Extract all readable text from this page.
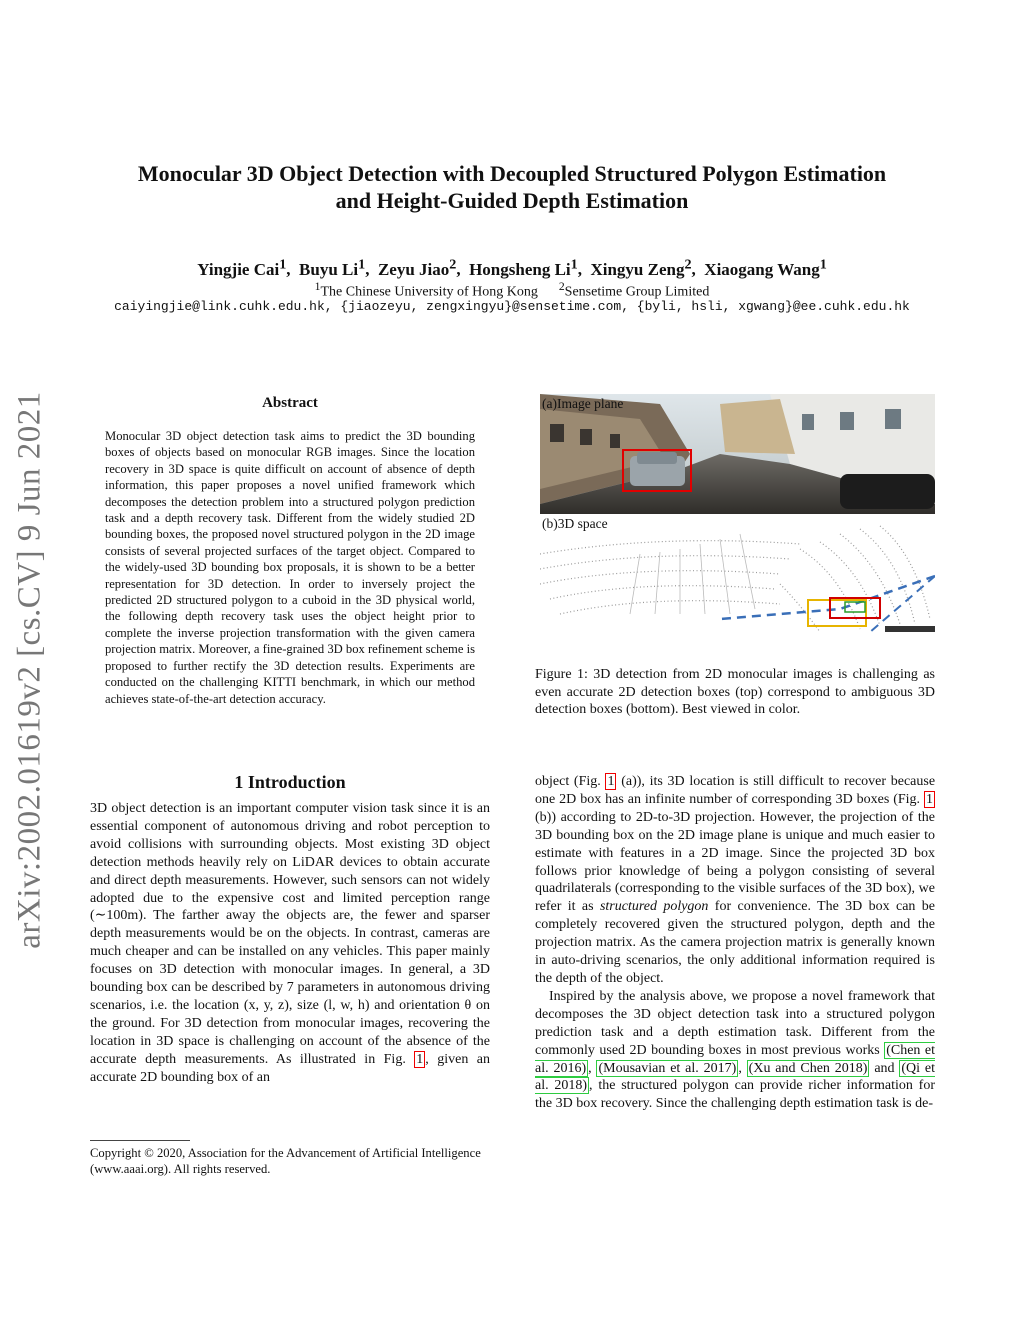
Monocular 3D Object Detection with Decoupled Structured Polygon Estimation
and Height-Guided Depth Estimation
Yingjie Cai$^1$,  Buyu Li$^1$,  Zeyu Jiao$^2$,  Hongsheng Li$^1$,  Xingyu Zeng$^2$,  Xiaogang Wang$^1$
$^1$The Chinese University of Hong Kong $^2$Sensetime Group Limited
caiyingjie@link.cuhk.edu.hk, {jiaozeyu, zengxingyu}@sensetime.com, {byli, hsli, xgwang}@ee.cuhk.edu.hk
arXiv:2002.01619v2 [cs.CV] 9 Jun 2021	Abstract
Monocular 3D object detection task aims to predict the 3D bounding boxes of objects based on monocular RGB images. Since the location recovery in 3D space is quite difficult on account of absence of depth information, this paper proposes a novel unified framework which decomposes the detection problem into a structured polygon prediction task and a depth recovery task. Different from the widely studied 2D bounding boxes, the proposed novel structured polygon in the 2D image consists of several projected surfaces of the target object. Compared to the widely-used 3D bounding box proposals, it is shown to be a better representation for 3D detection. In order to inversely project the predicted 2D structured polygon to a cuboid in the 3D physical world, the following depth recovery task uses the object height prior to complete the inverse projection transformation with the given camera projection matrix. Moreover, a fine-grained 3D box refinement scheme is proposed to further rectify the 3D detection results. Experiments are conducted on the challenging KITTI benchmark, in which our method achieves state-of-the-art detection accuracy.
1 Introduction

3D object detection is an important computer vision task since it is an essential component of autonomous driving and robot perception to avoid collisions with surrounding objects. Most existing 3D object detection methods heavily rely on LiDAR devices to obtain accurate and direct depth measurements. However, such sensors can not widely adopted due to the expensive cost and limited perception range (∼100m). The farther away the objects are, the fewer and sparser depth measurements would be on the objects. In contrast, cameras are much cheaper and can be installed on any vehicles. This paper mainly focuses on 3D detection with monocular images. In general, a 3D bounding box can be described by 7 parameters in autonomous driving scenarios, i.e. the location (x, y, z), size (l, w, h) and orientation θ on the ground. For 3D detection from monocular images, recovering the location in 3D space is challenging on account of the absence of the accurate depth measurements. As illustrated in Fig. 1 , given an accurate 2D bounding box of an

Copyright © 2020, Association for the Advancement of Artificial Intelligence (www.aaai.org). All rights reserved.
(a)Image plane
(b)3D space
Figure 1: 3D detection from 2D monocular images is challenging as even accurate 2D detection boxes (top) correspond to ambiguous 3D detection boxes (bottom). Best viewed in color.

object (Fig. 1 (a)), its 3D location is still difficult to recover because one 2D box has an infinite number of corresponding 3D boxes (Fig. 1 (b)) according to 2D-to-3D projection. However, the projection of the 3D bounding box on the 2D image plane is unique and much easier to estimate with features in a 2D image. Since the projected 3D box follows prior knowledge of being a polygon consisting of several quadrilaterals (corresponding to the visible surfaces of the 3D box), we refer it as structured polygon for convenience. The 3D box can be completely recovered given the structured polygon, depth and the projection matrix. As the camera projection matrix is generally known in auto-driving scenarios, the only additional information required is the depth of the object.

Inspired by the analysis above, we propose a novel framework that decomposes the 3D object detection task into a structured polygon prediction task and a depth estimation task. Different from the commonly used 2D bounding boxes in most previous works (Chen et al. 2016) , (Mousavian et al. 2017) , (Xu and Chen 2018) and (Qi et al. 2018) , the structured polygon can provide richer information for the 3D box recovery. Since the challenging depth estimation task is de-
